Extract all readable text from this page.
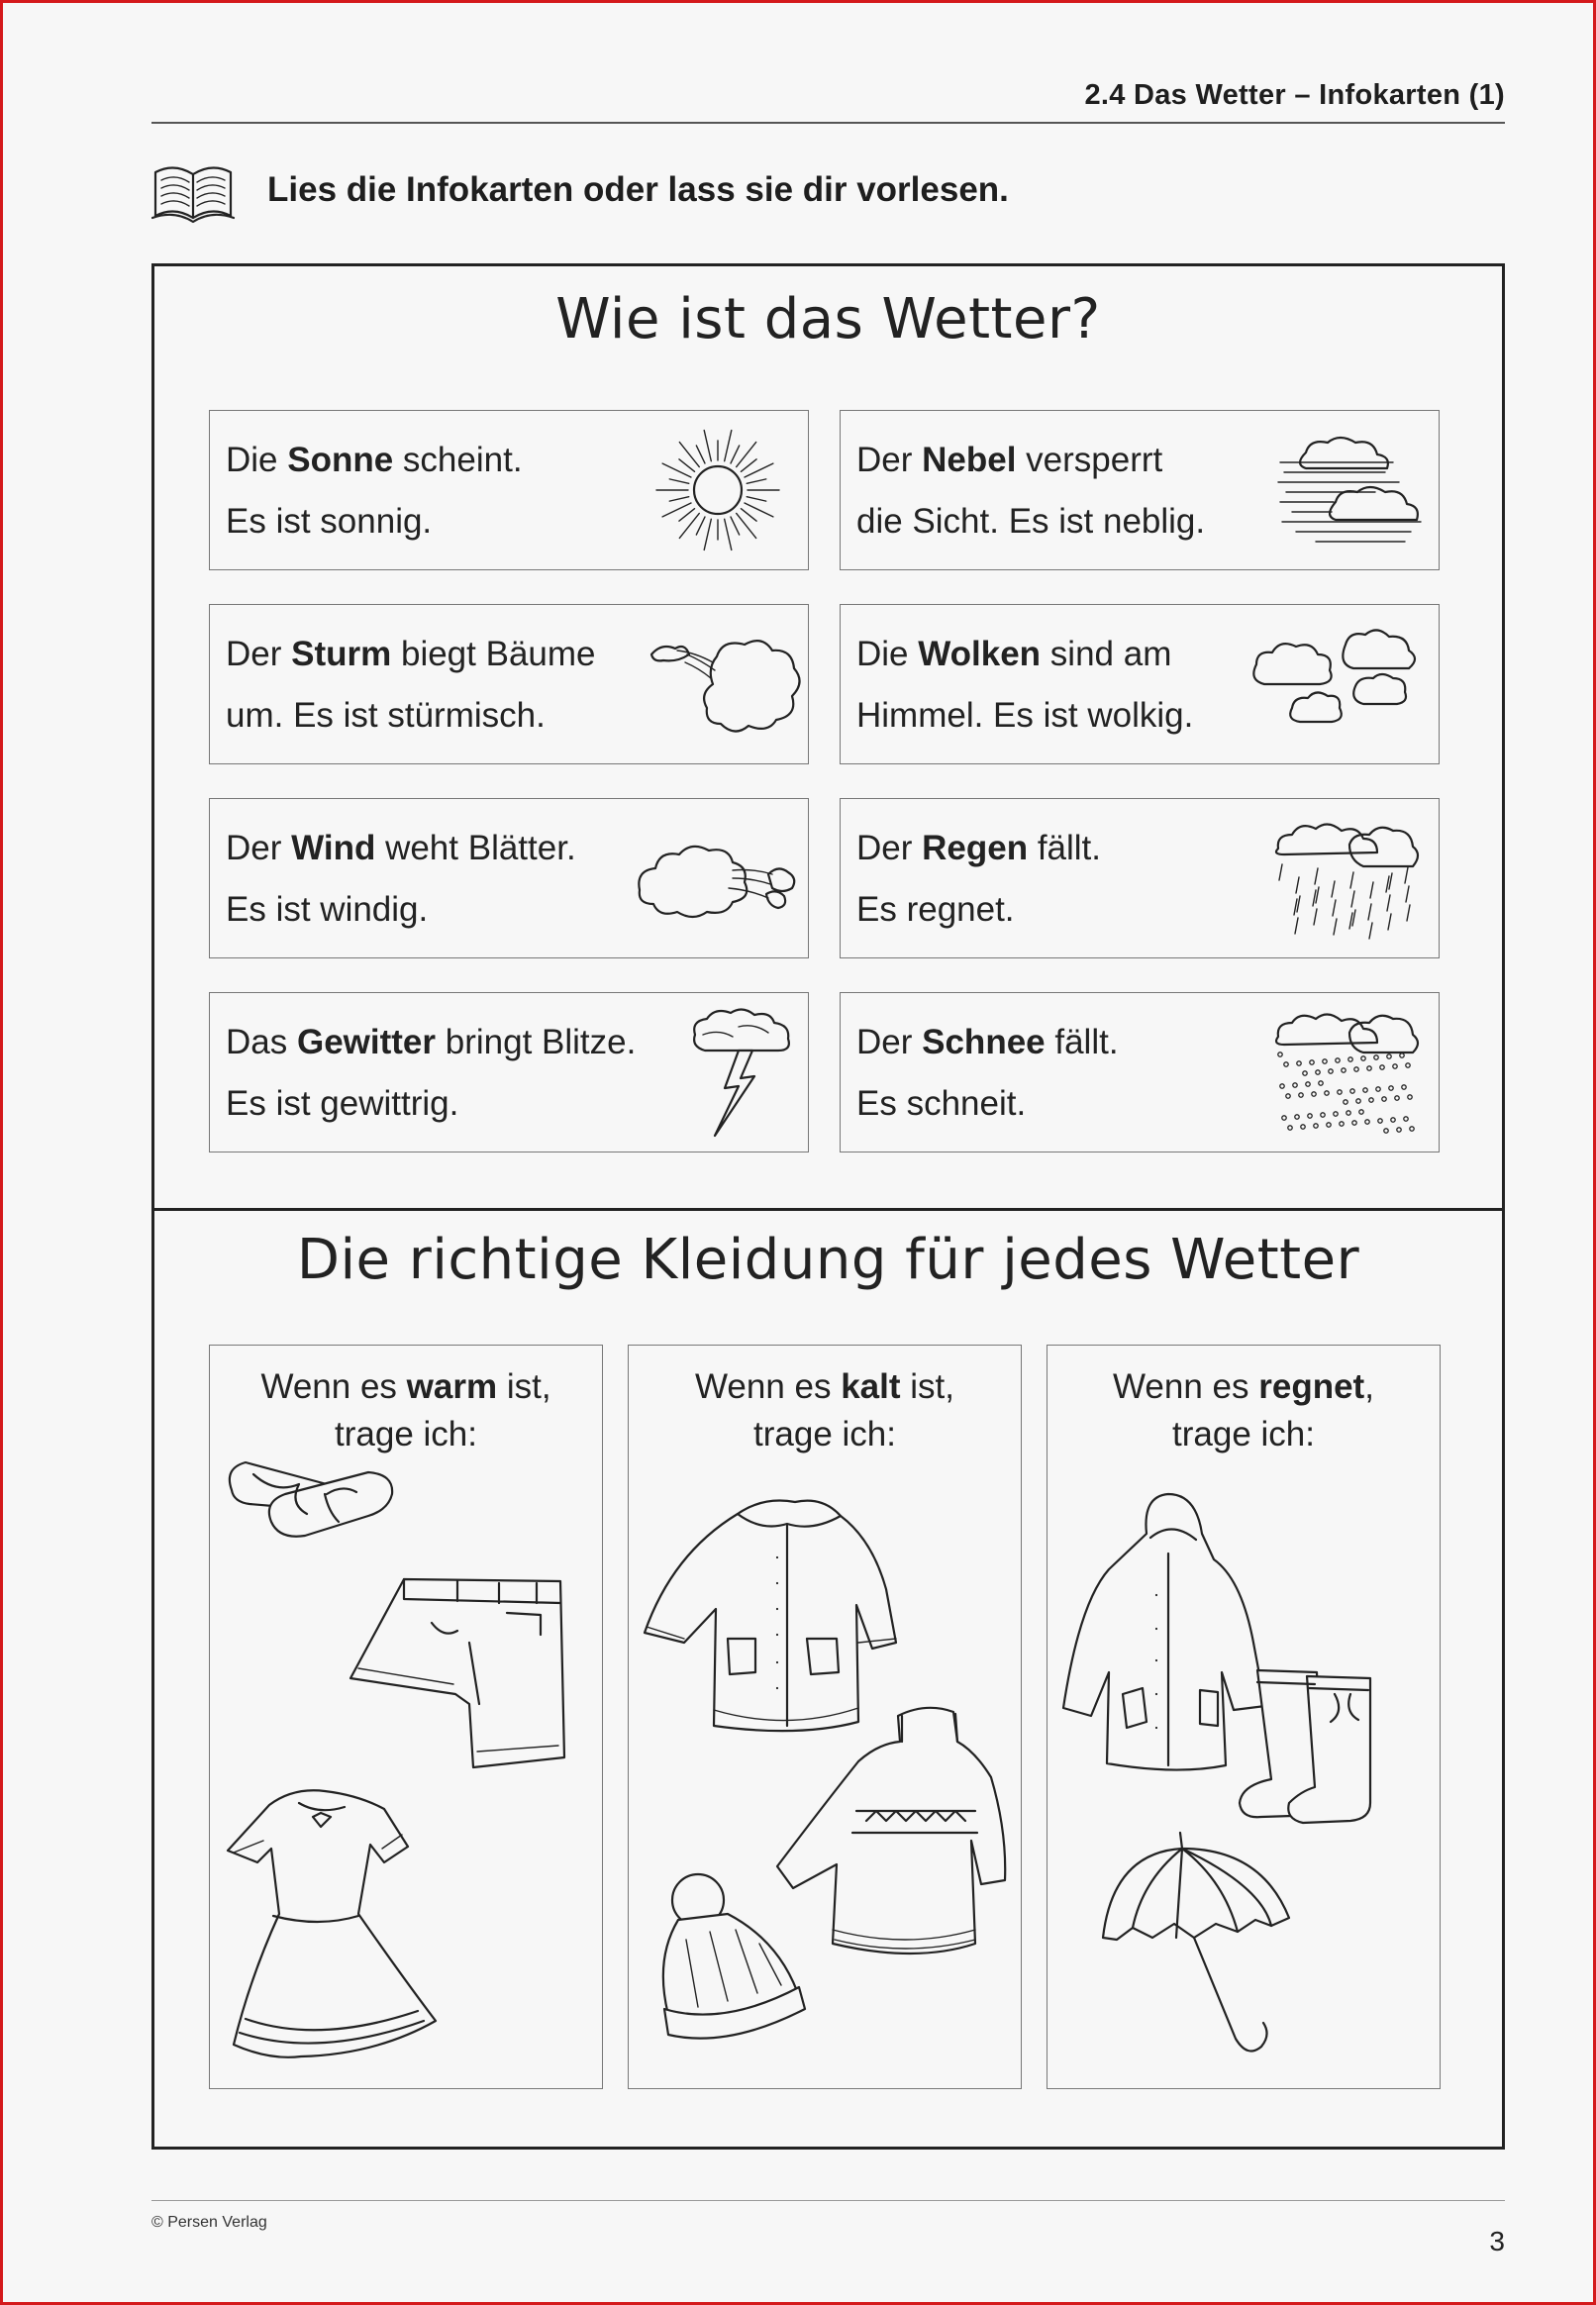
2.4 Das Wetter – Infokarten (1)
Lies die Infokarten oder lass sie dir vorlesen.
Wie ist das Wetter?
Die Sonne scheint.
Es ist sonnig.
Der Nebel versperrt
die Sicht. Es ist neblig.
Der Sturm biegt Bäume
um. Es ist stürmisch.
Die Wolken sind am
Himmel. Es ist wolkig.
Der Wind weht Blätter.
Es ist windig.
Der Regen fällt.
Es regnet.
Das Gewitter bringt Blitze.
Es ist gewittrig.
Der Schnee fällt.
Es schneit.
Die richtige Kleidung für jedes Wetter
Wenn es warm ist,
trage ich:
Wenn es kalt ist,
trage ich:
Wenn es regnet,
trage ich:
© Persen Verlag
3
